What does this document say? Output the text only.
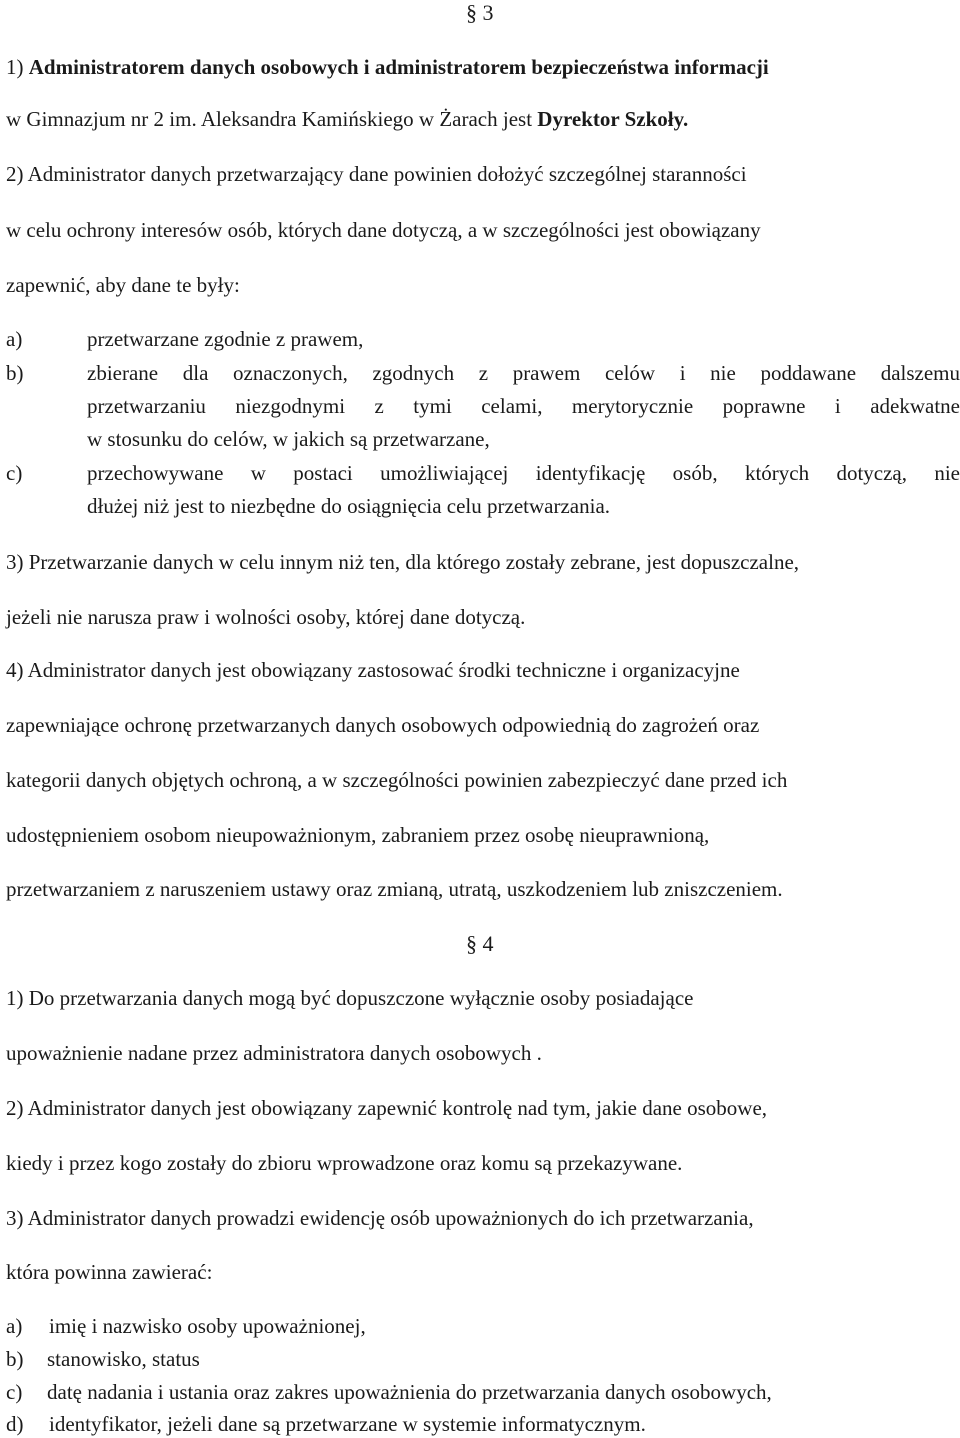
§ 3
1) Administratorem danych osobowych i administratorem bezpieczeństwa informacji
w Gimnazjum nr 2 im. Aleksandra Kamińskiego w Żarach jest Dyrektor Szkoły.
2) Administrator danych przetwarzający dane powinien dołożyć szczególnej staranności
w celu ochrony interesów osób, których dane dotyczą, a w szczególności jest obowiązany
zapewnić, aby dane te były:
a)	przetwarzane zgodnie z prawem,
b)	zbierane dla oznaczonych, zgodnych z prawem celów i nie poddawane dalszemu
przetwarzaniu niezgodnymi z tymi celami, merytorycznie poprawne i adekwatne
w stosunku do celów, w jakich są przetwarzane,
c)	przechowywane w postaci umożliwiającej identyfikację osób, których dotyczą, nie
dłużej niż jest to niezbędne do osiągnięcia celu przetwarzania.
3) Przetwarzanie danych w celu innym niż ten, dla którego zostały zebrane, jest dopuszczalne,
jeżeli nie narusza praw i wolności osoby, której dane dotyczą.
4) Administrator danych jest obowiązany zastosować środki techniczne i organizacyjne
zapewniające ochronę przetwarzanych danych osobowych odpowiednią do zagrożeń oraz
kategorii danych objętych ochroną, a w szczególności powinien zabezpieczyć dane przed ich
udostępnieniem osobom nieupoważnionym, zabraniem przez osobę nieuprawnioną,
przetwarzaniem z naruszeniem ustawy oraz zmianą, utratą, uszkodzeniem lub zniszczeniem.
§ 4
1) Do przetwarzania danych mogą być dopuszczone wyłącznie osoby posiadające
upoważnienie nadane przez administratora danych osobowych .
2) Administrator danych jest obowiązany zapewnić kontrolę nad tym, jakie dane osobowe,
kiedy i przez kogo zostały do zbioru wprowadzone oraz komu są przekazywane.
3) Administrator danych prowadzi ewidencję osób upoważnionych do ich przetwarzania,
która powinna zawierać:
a) imię i nazwisko osoby upoważnionej,
b) stanowisko, status
c) datę nadania i ustania oraz zakres upoważnienia do przetwarzania danych osobowych,
d) identyfikator, jeżeli dane są przetwarzane w systemie informatycznym.
